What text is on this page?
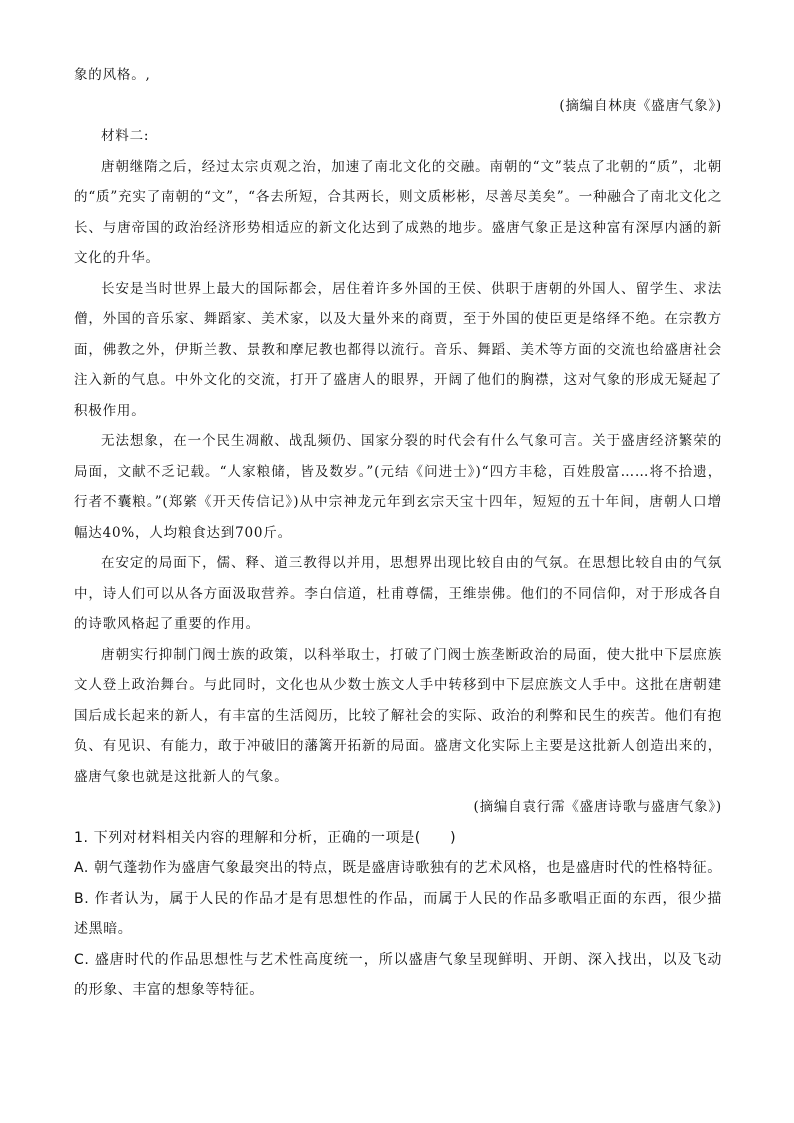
象的风格。,

(摘编自林庚《盛唐气象》)

材料二:

唐朝继隋之后，经过太宗贞观之治，加速了南北文化的交融。南朝的“文”装点了北朝的“质”，北朝的“质”充实了南朝的“文”，“各去所短，合其两长，则文质彬彬，尽善尽美矣”。一种融合了南北文化之长、与唐帝国的政治经济形势相适应的新文化达到了成熟的地步。盛唐气象正是这种富有深厚内涵的新文化的升华。

长安是当时世界上最大的国际都会，居住着许多外国的王侯、供职于唐朝的外国人、留学生、求法僧，外国的音乐家、舞蹈家、美术家，以及大量外来的商贾，至于外国的使臣更是络绎不绝。在宗教方面，佛教之外，伊斯兰教、景教和摩尼教也都得以流行。音乐、舞蹈、美术等方面的交流也给盛唐社会注入新的气息。中外文化的交流，打开了盛唐人的眼界，开阔了他们的胸襟，这对气象的形成无疑起了积极作用。

无法想象，在一个民生凋敝、战乱频仍、国家分裂的时代会有什么气象可言。关于盛唐经济繁荣的局面，文献不乏记载。“人家粮储，皆及数岁。”(元结《问进士》)“四方丰稔，百姓殷富……将不拾遗，行者不囊粮。”(郑綮《开天传信记》)从中宗神龙元年到玄宗天宝十四年，短短的五十年间，唐朝人口增幅达40%，人均粮食达到700斤。

在安定的局面下，儒、释、道三教得以并用，思想界出现比较自由的气氛。在思想比较自由的气氛中，诗人们可以从各方面汲取营养。李白信道，杜甫尊儒，王维崇佛。他们的不同信仰，对于形成各自的诗歌风格起了重要的作用。

唐朝实行抑制门阀士族的政策，以科举取士，打破了门阀士族垄断政治的局面，使大批中下层庶族文人登上政治舞台。与此同时，文化也从少数士族文人手中转移到中下层庶族文人手中。这批在唐朝建国后成长起来的新人，有丰富的生活阅历，比较了解社会的实际、政治的利弊和民生的疾苦。他们有抱负、有见识、有能力，敢于冲破旧的藩篱开拓新的局面。盛唐文化实际上主要是这批新人创造出来的，盛唐气象也就是这批新人的气象。

(摘编自袁行霈《盛唐诗歌与盛唐气象》)

1. 下列对材料相关内容的理解和分析，正确的一项是(　　)

A. 朝气蓬勃作为盛唐气象最突出的特点，既是盛唐诗歌独有的艺术风格，也是盛唐时代的性格特征。

B. 作者认为，属于人民的作品才是有思想性的作品，而属于人民的作品多歌唱正面的东西，很少描述黑暗。

C. 盛唐时代的作品思想性与艺术性高度统一，所以盛唐气象呈现鲜明、开朗、深入找出，以及飞动的形象、丰富的想象等特征。
